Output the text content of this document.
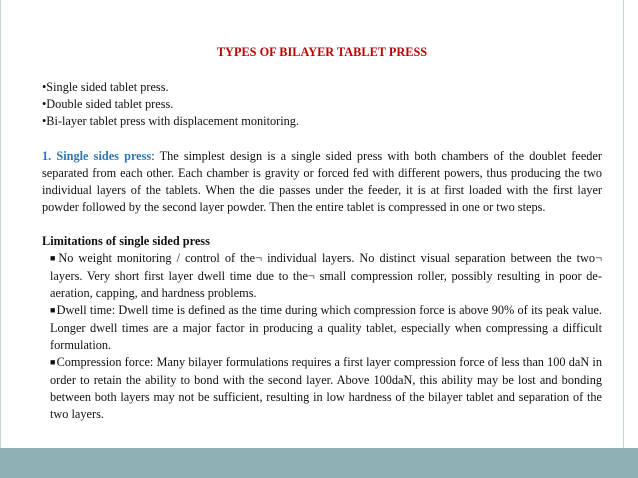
TYPES OF BILAYER TABLET PRESS
•Single sided tablet press.
•Double sided tablet press.
•Bi-layer tablet press with displacement monitoring.
1. Single sides press: The simplest design is a single sided press with both chambers of the doublet feeder separated from each other. Each chamber is gravity or forced fed with different powers, thus producing the two individual layers of the tablets. When the die passes under the feeder, it is at first loaded with the first layer powder followed by the second layer powder. Then the entire tablet is compressed in one or two steps.
Limitations of single sided press
■No weight monitoring / control of the¬ individual layers. No distinct visual separation between the two¬ layers. Very short first layer dwell time due to the¬ small compression roller, possibly resulting in poor de-aeration, capping, and hardness problems.
■Dwell time: Dwell time is defined as the time during which compression force is above 90% of its peak value. Longer dwell times are a major factor in producing a quality tablet, especially when compressing a difficult formulation.
■Compression force: Many bilayer formulations requires a first layer compression force of less than 100 daN in order to retain the ability to bond with the second layer. Above 100daN, this ability may be lost and bonding between both layers may not be sufficient, resulting in low hardness of the bilayer tablet and separation of the two layers.
